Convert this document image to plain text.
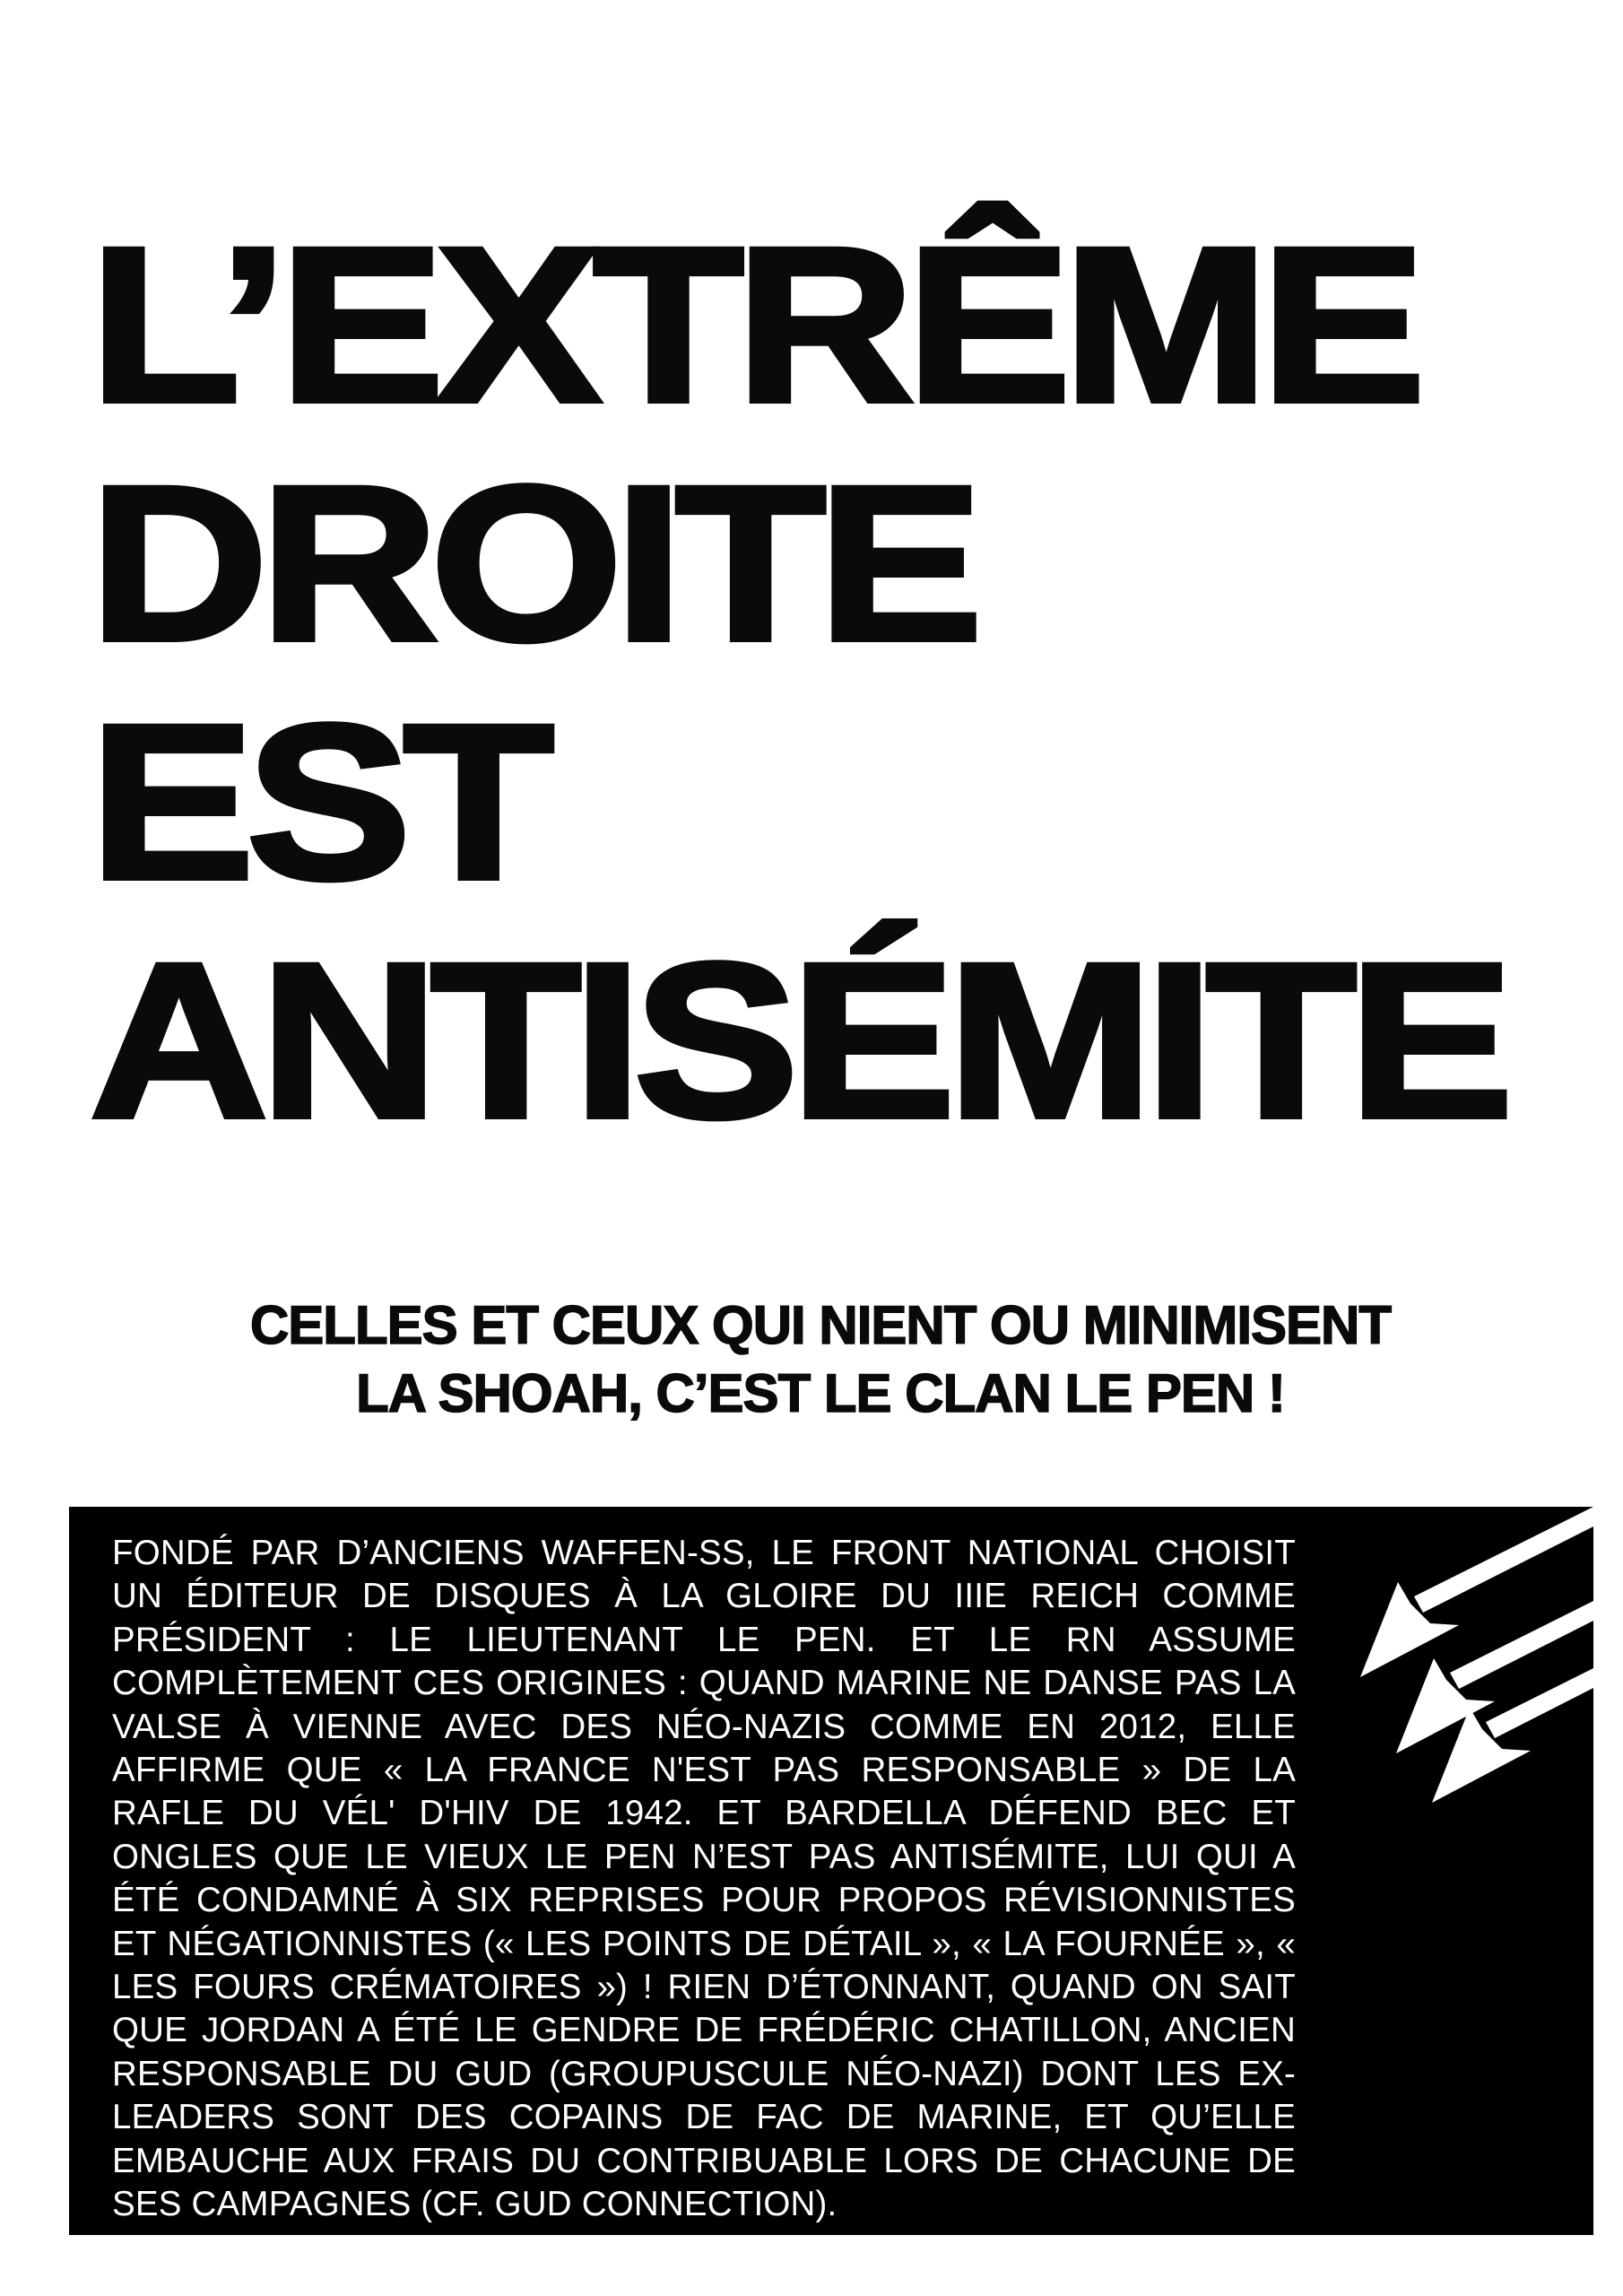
L’EXTRÊME
DROITE
EST
ANTISÉMITE
CELLES ET CEUX QUI NIENT OU MINIMISENT
LA SHOAH, C’EST LE CLAN LE PEN !

FONDÉ PAR D’ANCIENS WAFFEN-SS, LE FRONT NATIONAL CHOISIT UN ÉDITEUR DE DISQUES À LA GLOIRE DU IIIE REICH COMME PRÉSIDENT : LE LIEUTENANT LE PEN. ET LE RN ASSUME COMPLÈTEMENT CES ORIGINES : QUAND MARINE NE DANSE PAS LA VALSE À VIENNE AVEC DES NÉO-NAZIS COMME EN 2012, ELLE AFFIRME QUE « LA FRANCE N'EST PAS RESPONSABLE » DE LA RAFLE DU VÉL' D'HIV DE 1942. ET BARDELLA DÉFEND BEC ET ONGLES QUE LE VIEUX LE PEN N’EST PAS ANTISÉMITE, LUI QUI A ÉTÉ CONDAMNÉ À SIX REPRISES POUR PROPOS RÉVISIONNISTES ET NÉGATIONNISTES (« LES POINTS DE DÉTAIL », « LA FOURNÉE », « LES FOURS CRÉMATOIRES ») ! RIEN D’ÉTONNANT, QUAND ON SAIT QUE JORDAN A ÉTÉ LE GENDRE DE FRÉDÉRIC CHATILLON, ANCIEN RESPONSABLE DU GUD (GROUPUSCULE NÉO-NAZI) DONT LES EX-LEADERS SONT DES COPAINS DE FAC DE MARINE, ET QU’ELLE EMBAUCHE AUX FRAIS DU CONTRIBUABLE LORS DE CHACUNE DE SES CAMPAGNES (CF. GUD CONNECTION).
